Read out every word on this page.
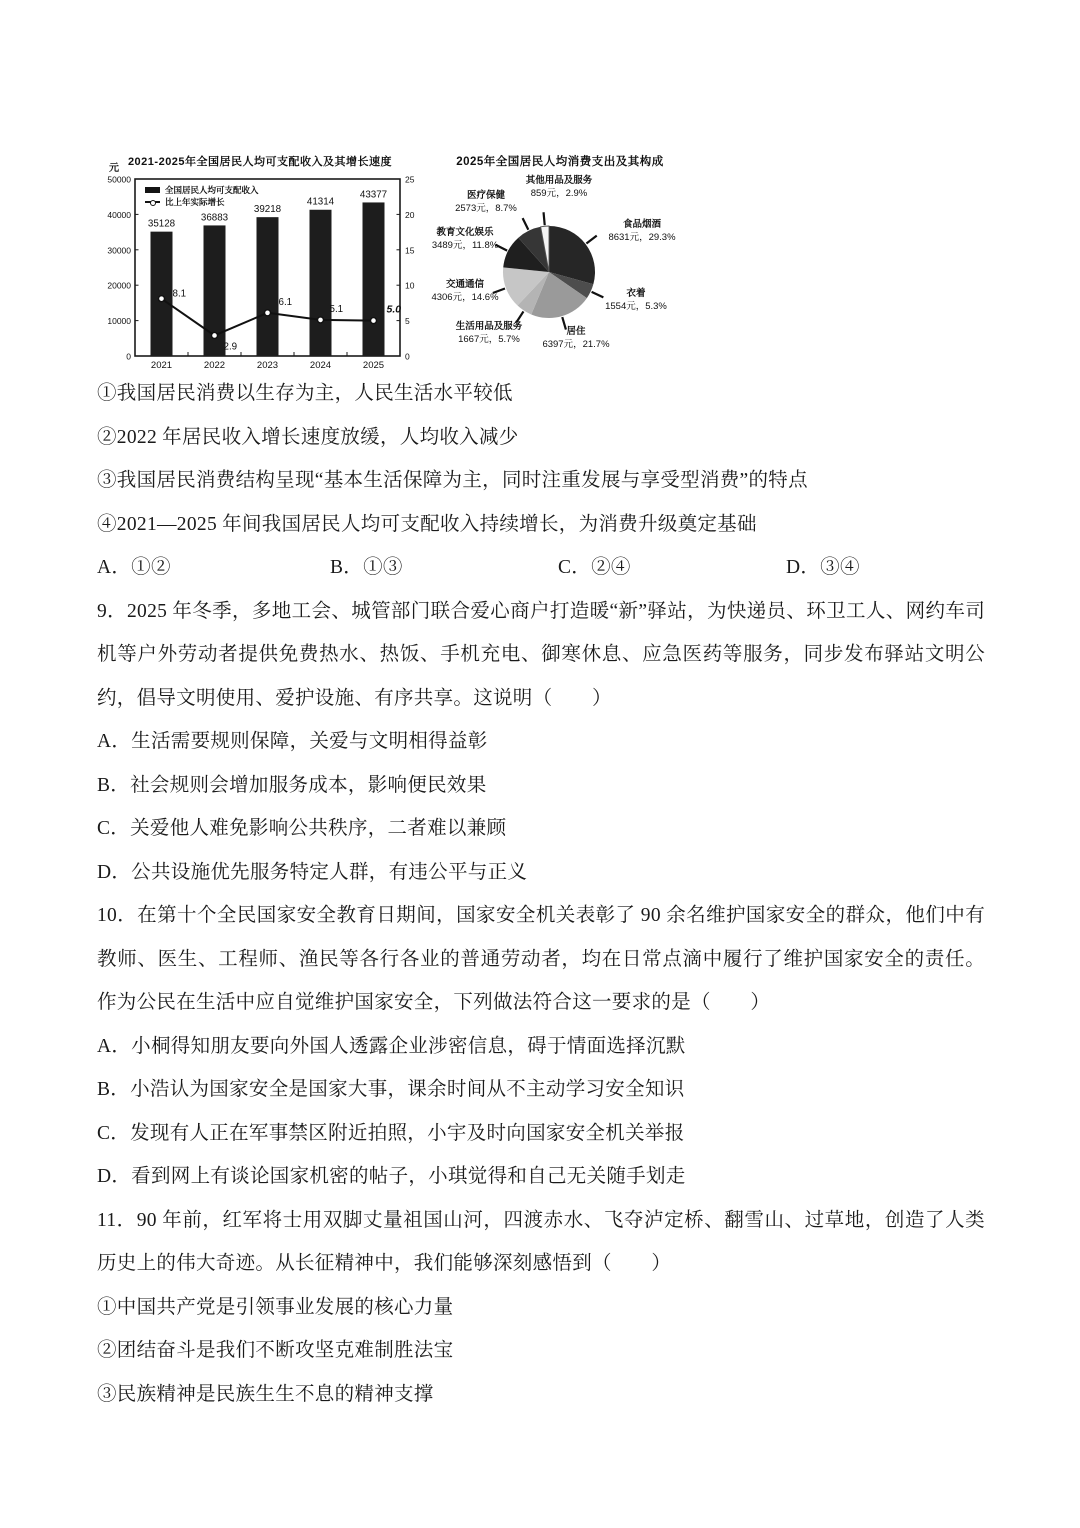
2021-2025年全国居民人均可支配收入及其增长速度
元
全国居民人均可支配收入
比上年实际增长
50000
40000
30000
20000
10000
0
25
20
15
10
5
0
35128
36883
39218
41314
43377
8.1
2.9
6.1
5.1	5.0
2021	2022	2023	2024	2025
2025年全国居民人均消费支出及其构成
食品烟酒
8631元，29.3%
衣着
1554元，5.3%
居住
6397元，21.7%
生活用品及服务
1667元，5.7%
交通通信
4306元，14.6%
教育文化娱乐
3489元，11.8%
医疗保健
2573元，8.7%
其他用品及服务
859元，2.9%

①我国居民消费以生存为主，人民生活水平较低

②2022 年居民收入增长速度放缓，人均收入减少

③我国居民消费结构呈现“基本生活保障为主，同时注重发展与享受型消费”的特点

④2021—2025 年间我国居民人均可支配收入持续增长，为消费升级奠定基础

A．①②	B．①③	C．②④	D．③④

9．2025 年冬季，多地工会、城管部门联合爱心商户打造暖“新”驿站，为快递员、环卫工人、网约车司机等户外劳动者提供免费热水、热饭、手机充电、御寒休息、应急医药等服务，同步发布驿站文明公约，倡导文明使用、爱护设施、有序共享。这说明（　　）

A．生活需要规则保障，关爱与文明相得益彰

B．社会规则会增加服务成本，影响便民效果

C．关爱他人难免影响公共秩序，二者难以兼顾

D．公共设施优先服务特定人群，有违公平与正义

10．在第十个全民国家安全教育日期间，国家安全机关表彰了 90 余名维护国家安全的群众，他们中有教师、医生、工程师、渔民等各行各业的普通劳动者，均在日常点滴中履行了维护国家安全的责任。作为公民在生活中应自觉维护国家安全，下列做法符合这一要求的是（　　）

A．小桐得知朋友要向外国人透露企业涉密信息，碍于情面选择沉默

B．小浩认为国家安全是国家大事，课余时间从不主动学习安全知识

C．发现有人正在军事禁区附近拍照，小宇及时向国家安全机关举报

D．看到网上有谈论国家机密的帖子，小琪觉得和自己无关随手划走

11．90 年前，红军将士用双脚丈量祖国山河，四渡赤水、飞夺泸定桥、翻雪山、过草地，创造了人类历史上的伟大奇迹。从长征精神中，我们能够深刻感悟到（　　）

①中国共产党是引领事业发展的核心力量

②团结奋斗是我们不断攻坚克难制胜法宝

③民族精神是民族生生不息的精神支撑
